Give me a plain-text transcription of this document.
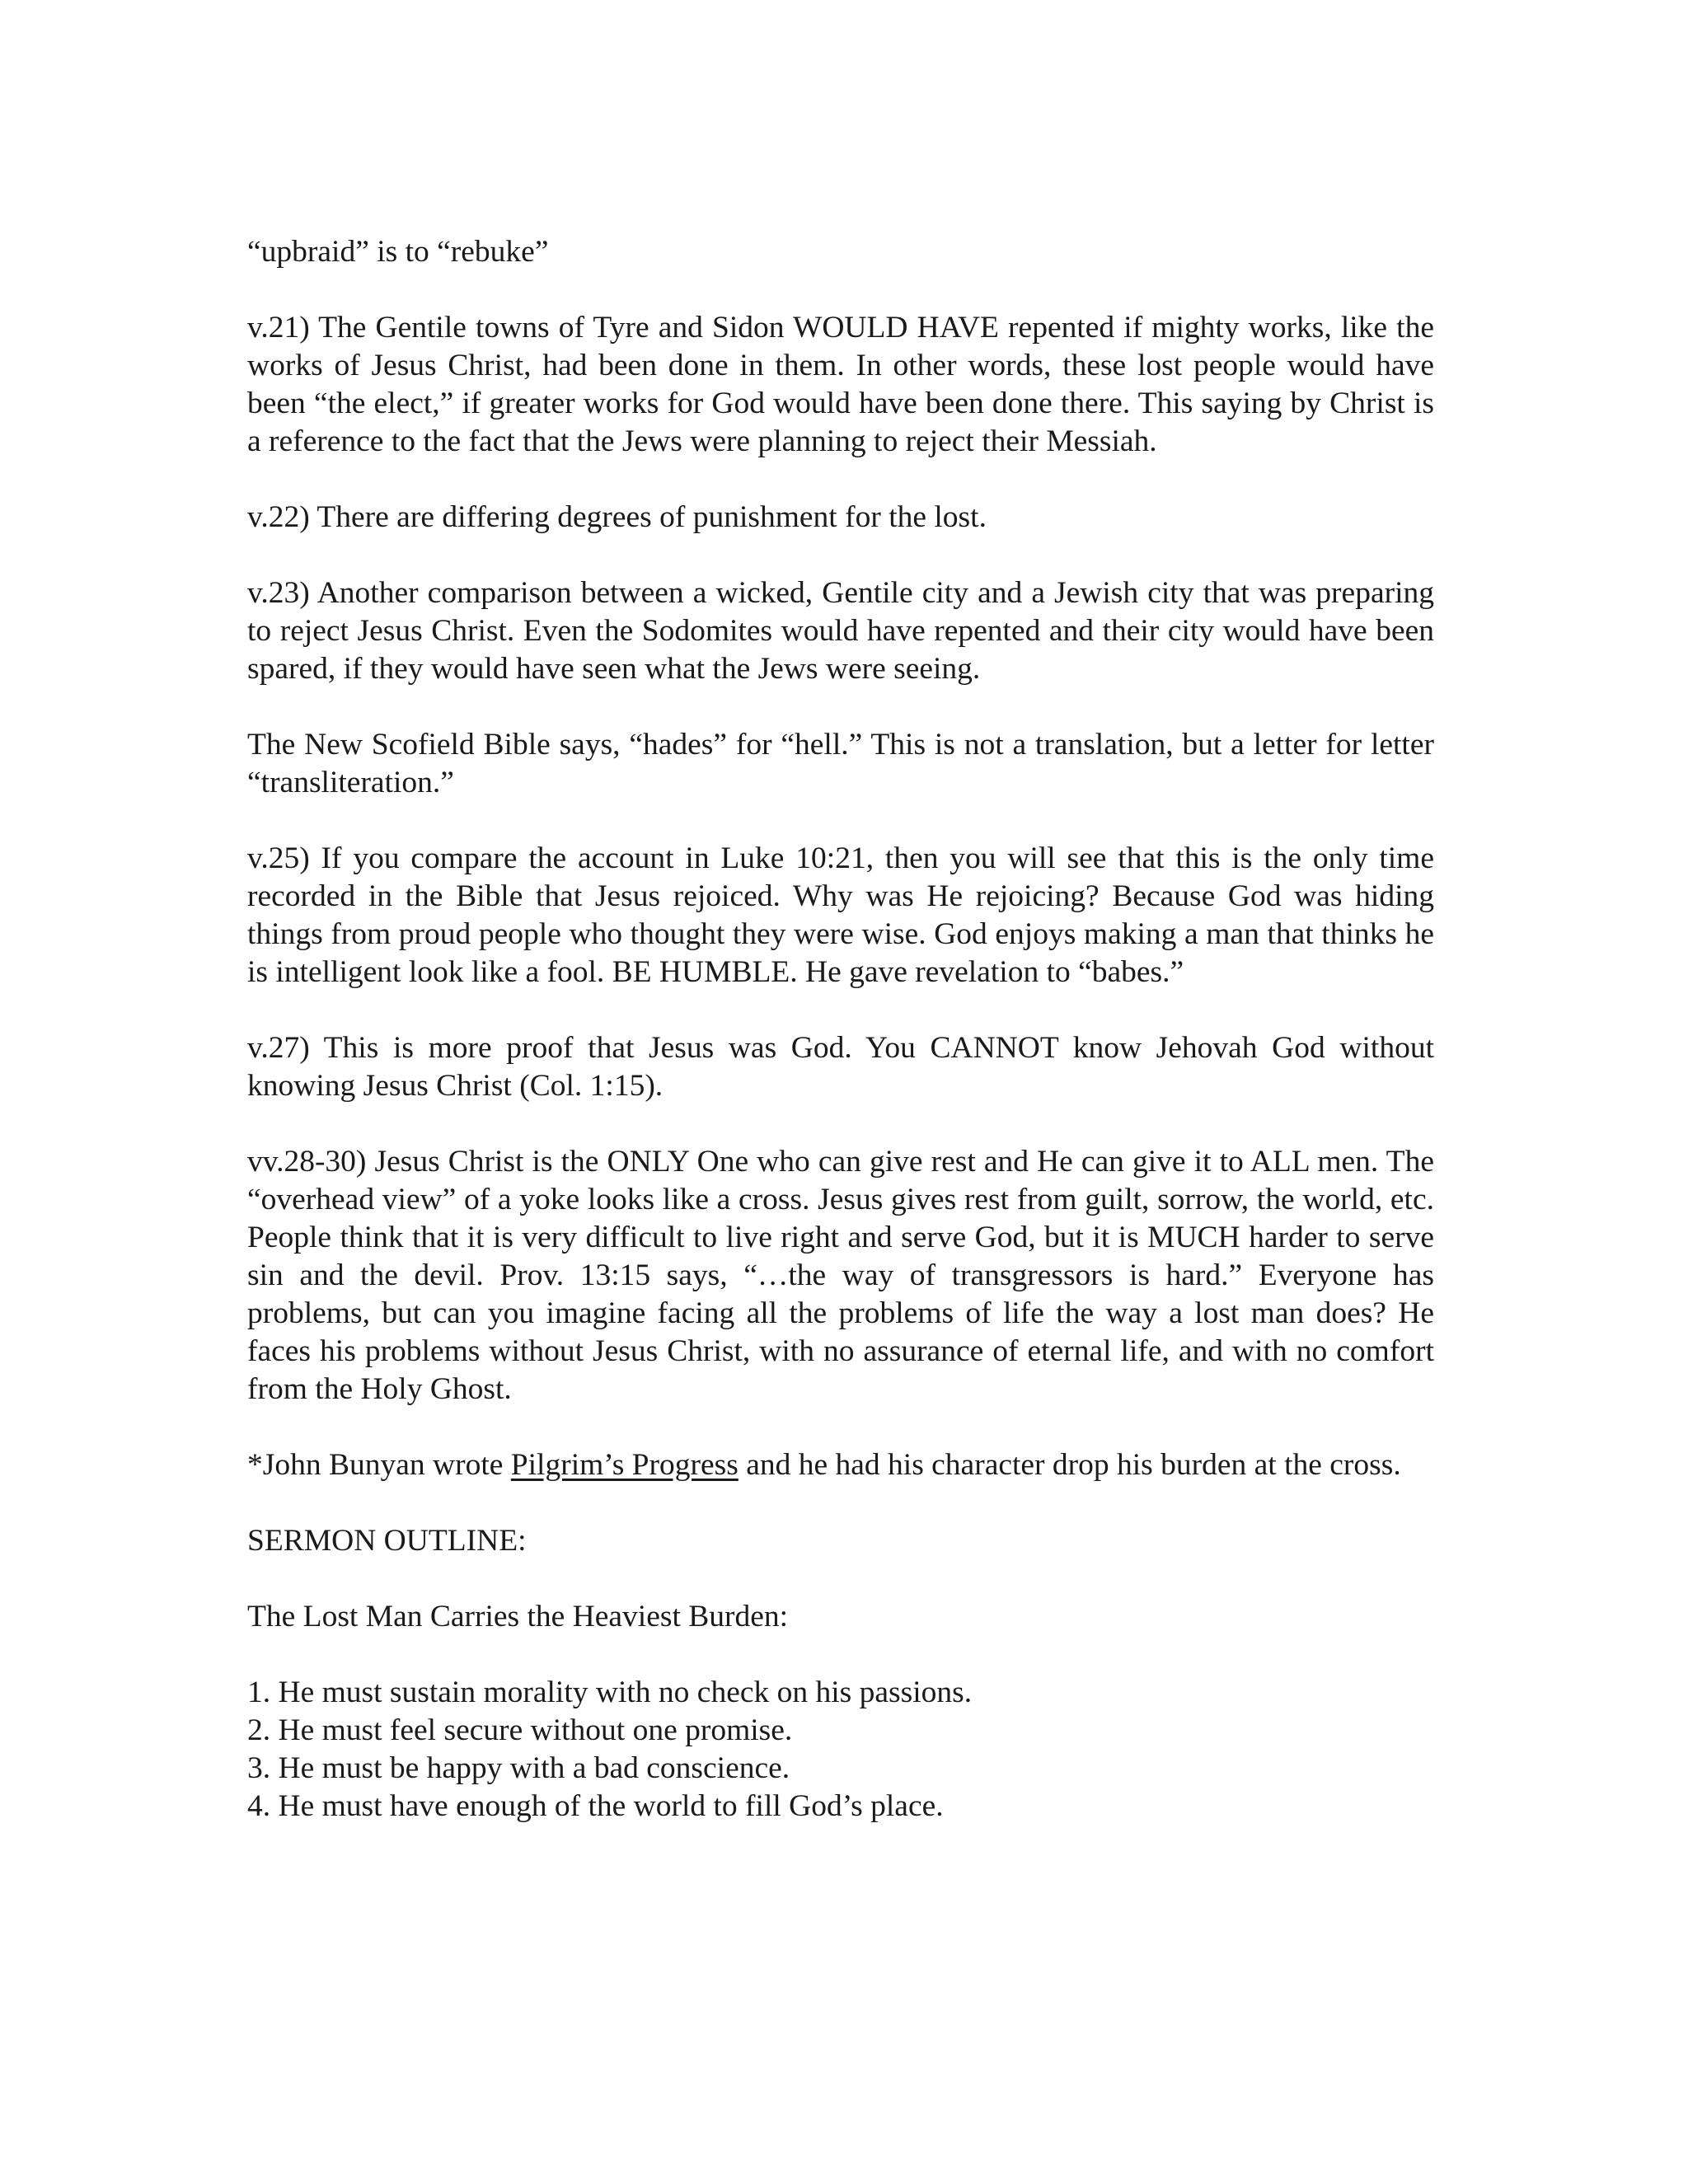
“upbraid” is to “rebuke”

v.21) The Gentile towns of Tyre and Sidon WOULD HAVE repented if mighty works, like the works of Jesus Christ, had been done in them. In other words, these lost people would have been “the elect,” if greater works for God would have been done there. This saying by Christ is a reference to the fact that the Jews were planning to reject their Messiah.

v.22) There are differing degrees of punishment for the lost.

v.23) Another comparison between a wicked, Gentile city and a Jewish city that was preparing to reject Jesus Christ. Even the Sodomites would have repented and their city would have been spared, if they would have seen what the Jews were seeing.

The New Scofield Bible says, “hades” for “hell.” This is not a translation, but a letter for letter “transliteration.”

v.25) If you compare the account in Luke 10:21, then you will see that this is the only time recorded in the Bible that Jesus rejoiced. Why was He rejoicing? Because God was hiding things from proud people who thought they were wise. God enjoys making a man that thinks he is intelligent look like a fool. BE HUMBLE. He gave revelation to “babes.”

v.27) This is more proof that Jesus was God. You CANNOT know Jehovah God without knowing Jesus Christ (Col. 1:15).

vv.28-30) Jesus Christ is the ONLY One who can give rest and He can give it to ALL men. The “overhead view” of a yoke looks like a cross. Jesus gives rest from guilt, sorrow, the world, etc. People think that it is very difficult to live right and serve God, but it is MUCH harder to serve sin and the devil. Prov. 13:15 says, “…the way of transgressors is hard.” Everyone has problems, but can you imagine facing all the problems of life the way a lost man does? He faces his problems without Jesus Christ, with no assurance of eternal life, and with no comfort from the Holy Ghost.

*John Bunyan wrote Pilgrim’s Progress and he had his character drop his burden at the cross.

SERMON OUTLINE:

The Lost Man Carries the Heaviest Burden:

1. He must sustain morality with no check on his passions.
2. He must feel secure without one promise.
3. He must be happy with a bad conscience.
4. He must have enough of the world to fill God’s place.
